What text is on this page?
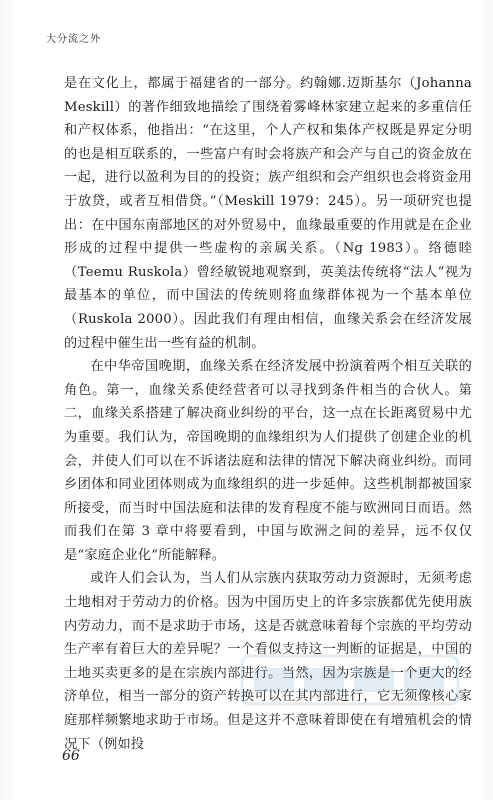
大分流之外

是在文化上，都属于福建省的一部分。约翰娜.迈斯基尔（Johanna Meskill）的著作细致地描绘了围绕着雾峰林家建立起来的多重信任和产权体系，他指出：“在这里，个人产权和集体产权既是界定分明的也是相互联系的，一些富户有时会将族产和会产与自己的资金放在一起，进行以盈利为目的的投资；族产组织和会产组织也会将资金用于放贷，或者互相借贷。”（Meskill 1979：245）。另一项研究也提出：在中国东南部地区的对外贸易中，血缘最重要的作用就是在企业形成的过程中提供一些虚构的亲属关系。（Ng 1983）。络德睦（Teemu Ruskola）曾经敏锐地观察到，英美法传统将“法人”视为最基本的单位，而中国法的传统则将血缘群体视为一个基本单位（Ruskola 2000）。因此我们有理由相信，血缘关系会在经济发展的过程中催生出一些有益的机制。

在中华帝国晚期，血缘关系在经济发展中扮演着两个相互关联的角色。第一，血缘关系使经营者可以寻找到条件相当的合伙人。第二，血缘关系搭建了解决商业纠纷的平台，这一点在长距离贸易中尤为重要。我们认为，帝国晚期的血缘组织为人们提供了创建企业的机会，并使人们可以在不诉诸法庭和法律的情况下解决商业纠纷。而同乡团体和同业团体则成为血缘组织的进一步延伸。这些机制都被国家所接受，而当时中国法庭和法律的发育程度不能与欧洲同日而语。然而我们在第 3 章中将要看到，中国与欧洲之间的差异，远不仅仅是“家庭企业化”所能解释。

或许人们会认为，当人们从宗族内获取劳动力资源时，无须考虑土地相对于劳动力的价格。因为中国历史上的许多宗族都优先使用族内劳动力，而不是求助于市场，这是否就意味着每个宗族的平均劳动生产率有着巨大的差异呢？一个看似支持这一判断的证据是，中国的土地买卖更多的是在宗族内部进行。当然，因为宗族是一个更大的经济单位，相当一部分的资产转换可以在其内部进行，它无须像核心家庭那样频繁地求助于市场。但是这并不意味着即使在有增殖机会的情况下（例如投

66
